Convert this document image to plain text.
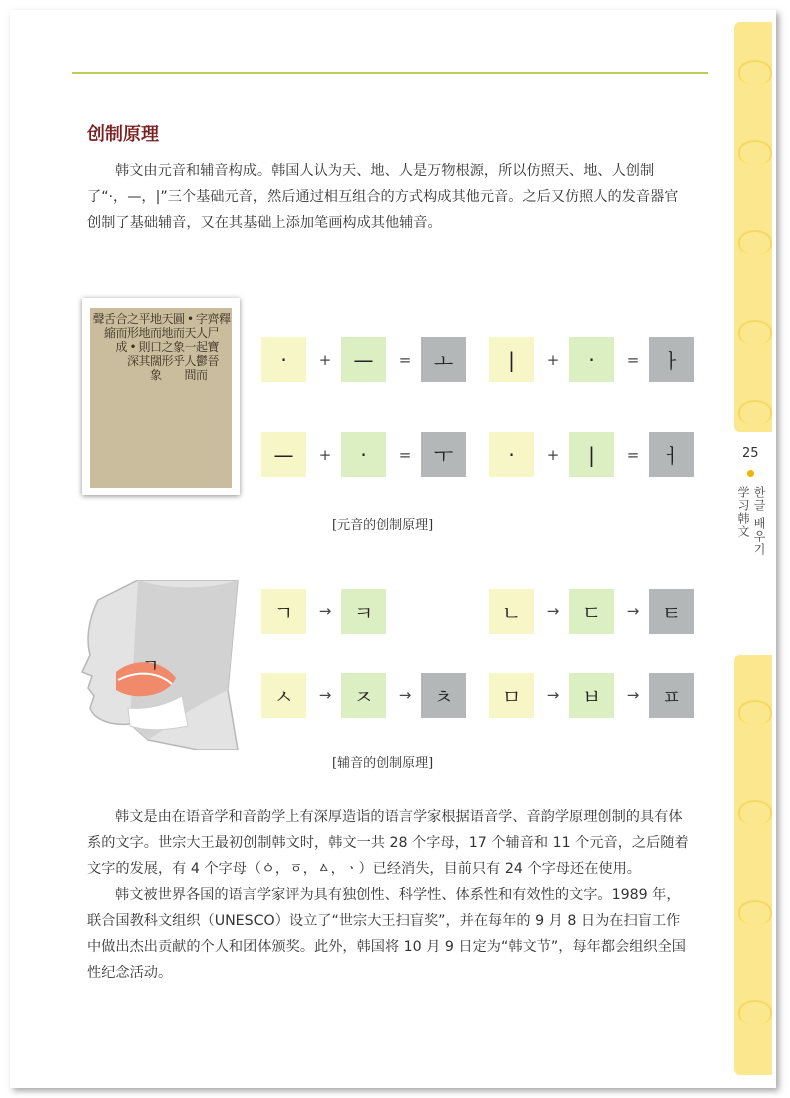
25
한글 배우기
学习韩文
创制原理

韩文由元音和辅音构成。韩国人认为天、地、人是万物根源，所以仿照天、地、人创制了“·，—，|”三个基础元音，然后通过相互组合的方式构成其他元音。之后又仿照人的发音器官创制了基础辅音，又在其基础上添加笔画构成其他辅音。

釋
齊尸寶晉
字人起鬱而
•天一人間
圓而象乎
天地之形
地而口闊象
平地則其
之形•深
合而成
舌縮
聲
·	+	—	=	ㅗ	|	+	·	=	ㅏ
—	+	·	=	ㅜ	·	+	|	=	ㅓ
[元音的创制原理]
ㄱ
ㄱ	→	ㅋ	ㄴ	→	ㄷ	→	ㅌ
ㅅ	→	ㅈ	→	ㅊ	ㅁ	→	ㅂ	→	ㅍ
[辅音的创制原理]

韩文是由在语音学和音韵学上有深厚造诣的语言学家根据语音学、音韵学原理创制的具有体系的文字。世宗大王最初创制韩文时，韩文一共 28 个字母，17 个辅音和 11 个元音，之后随着文字的发展，有 4 个字母（ㆁ，ㆆ，ㅿ，ㆍ）已经消失，目前只有 24 个字母还在使用。

韩文被世界各国的语言学家评为具有独创性、科学性、体系性和有效性的文字。1989 年，联合国教科文组织（UNESCO）设立了“世宗大王扫盲奖”，并在每年的 9 月 8 日为在扫盲工作中做出杰出贡献的个人和团体颁奖。此外，韩国将 10 月 9 日定为“韩文节”，每年都会组织全国性纪念活动。
